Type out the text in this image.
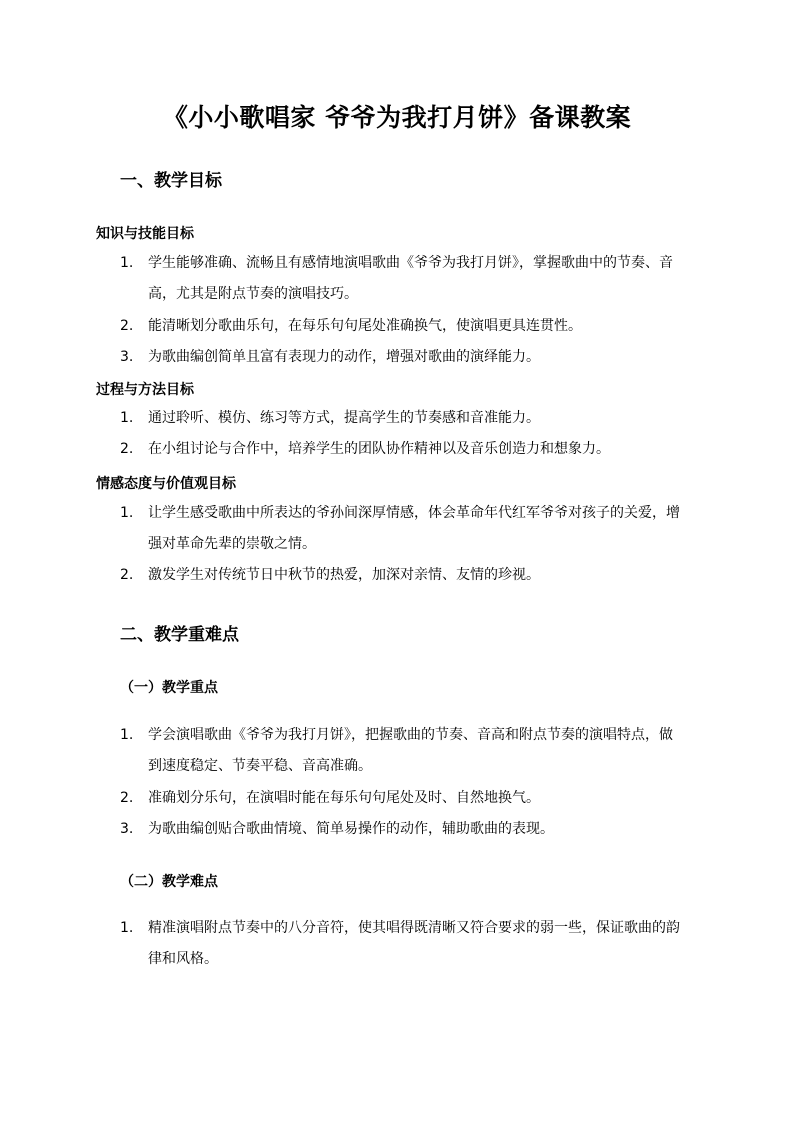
《小小歌唱家 爷爷为我打月饼》备课教案
一、教学目标
知识与技能目标
1.	学生能够准确、流畅且有感情地演唱歌曲《爷爷为我打月饼》，掌握歌曲中的节奏、音高，尤其是附点节奏的演唱技巧。
2.	能清晰划分歌曲乐句，在每乐句句尾处准确换气，使演唱更具连贯性。
3.	为歌曲编创简单且富有表现力的动作，增强对歌曲的演绎能力。
过程与方法目标
1.	通过聆听、模仿、练习等方式，提高学生的节奏感和音准能力。
2.	在小组讨论与合作中，培养学生的团队协作精神以及音乐创造力和想象力。
情感态度与价值观目标
1.	让学生感受歌曲中所表达的爷孙间深厚情感，体会革命年代红军爷爷对孩子的关爱，增强对革命先辈的崇敬之情。
2.	激发学生对传统节日中秋节的热爱，加深对亲情、友情的珍视。
二、教学重难点
（一）教学重点
1.	学会演唱歌曲《爷爷为我打月饼》，把握歌曲的节奏、音高和附点节奏的演唱特点，做到速度稳定、节奏平稳、音高准确。
2.	准确划分乐句，在演唱时能在每乐句句尾处及时、自然地换气。
3.	为歌曲编创贴合歌曲情境、简单易操作的动作，辅助歌曲的表现。
（二）教学难点
1.	精准演唱附点节奏中的八分音符，使其唱得既清晰又符合要求的弱一些，保证歌曲的韵律和风格。
